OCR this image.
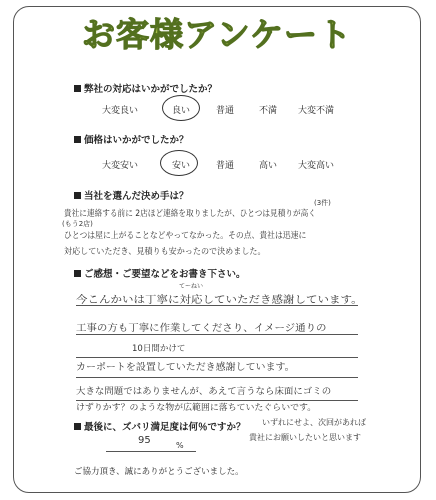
お客様アンケート
弊社の対応はいかがでしたか？
大変良い	良い	普通	不満 大変不満
価格はいかがでしたか？
大変安い	安い	普通	高い 大変高い
当社を選んだ決め手は？
(3件)
(もう2店)
貴社に連絡する前に 2店ほど連絡を取りましたが、ひとつは見積りが高く
ひとつは屋に上がることなどやってなかった。その点、貴社は迅速に
対応していただき、見積りも安かったので決めました。
ご感想・ご要望などをお書き下さい。
てーねい
今こんかいは丁寧に対応していただき感謝しています。
工事の方も丁寧に作業してくださり、イメージ通りの
10日間かけて
カーポートを設置していただき感謝しています。
大きな問題ではありませんが、あえて言うなら床面にゴミの
けずりかす？のような物が広範囲に落ちていたぐらいです。
最後に、ズバリ満足度は何％ですか？
95	%
いずれにせよ、次回があれば
貴社にお願いしたいと思います
ご協力頂き、誠にありがとうございました。
